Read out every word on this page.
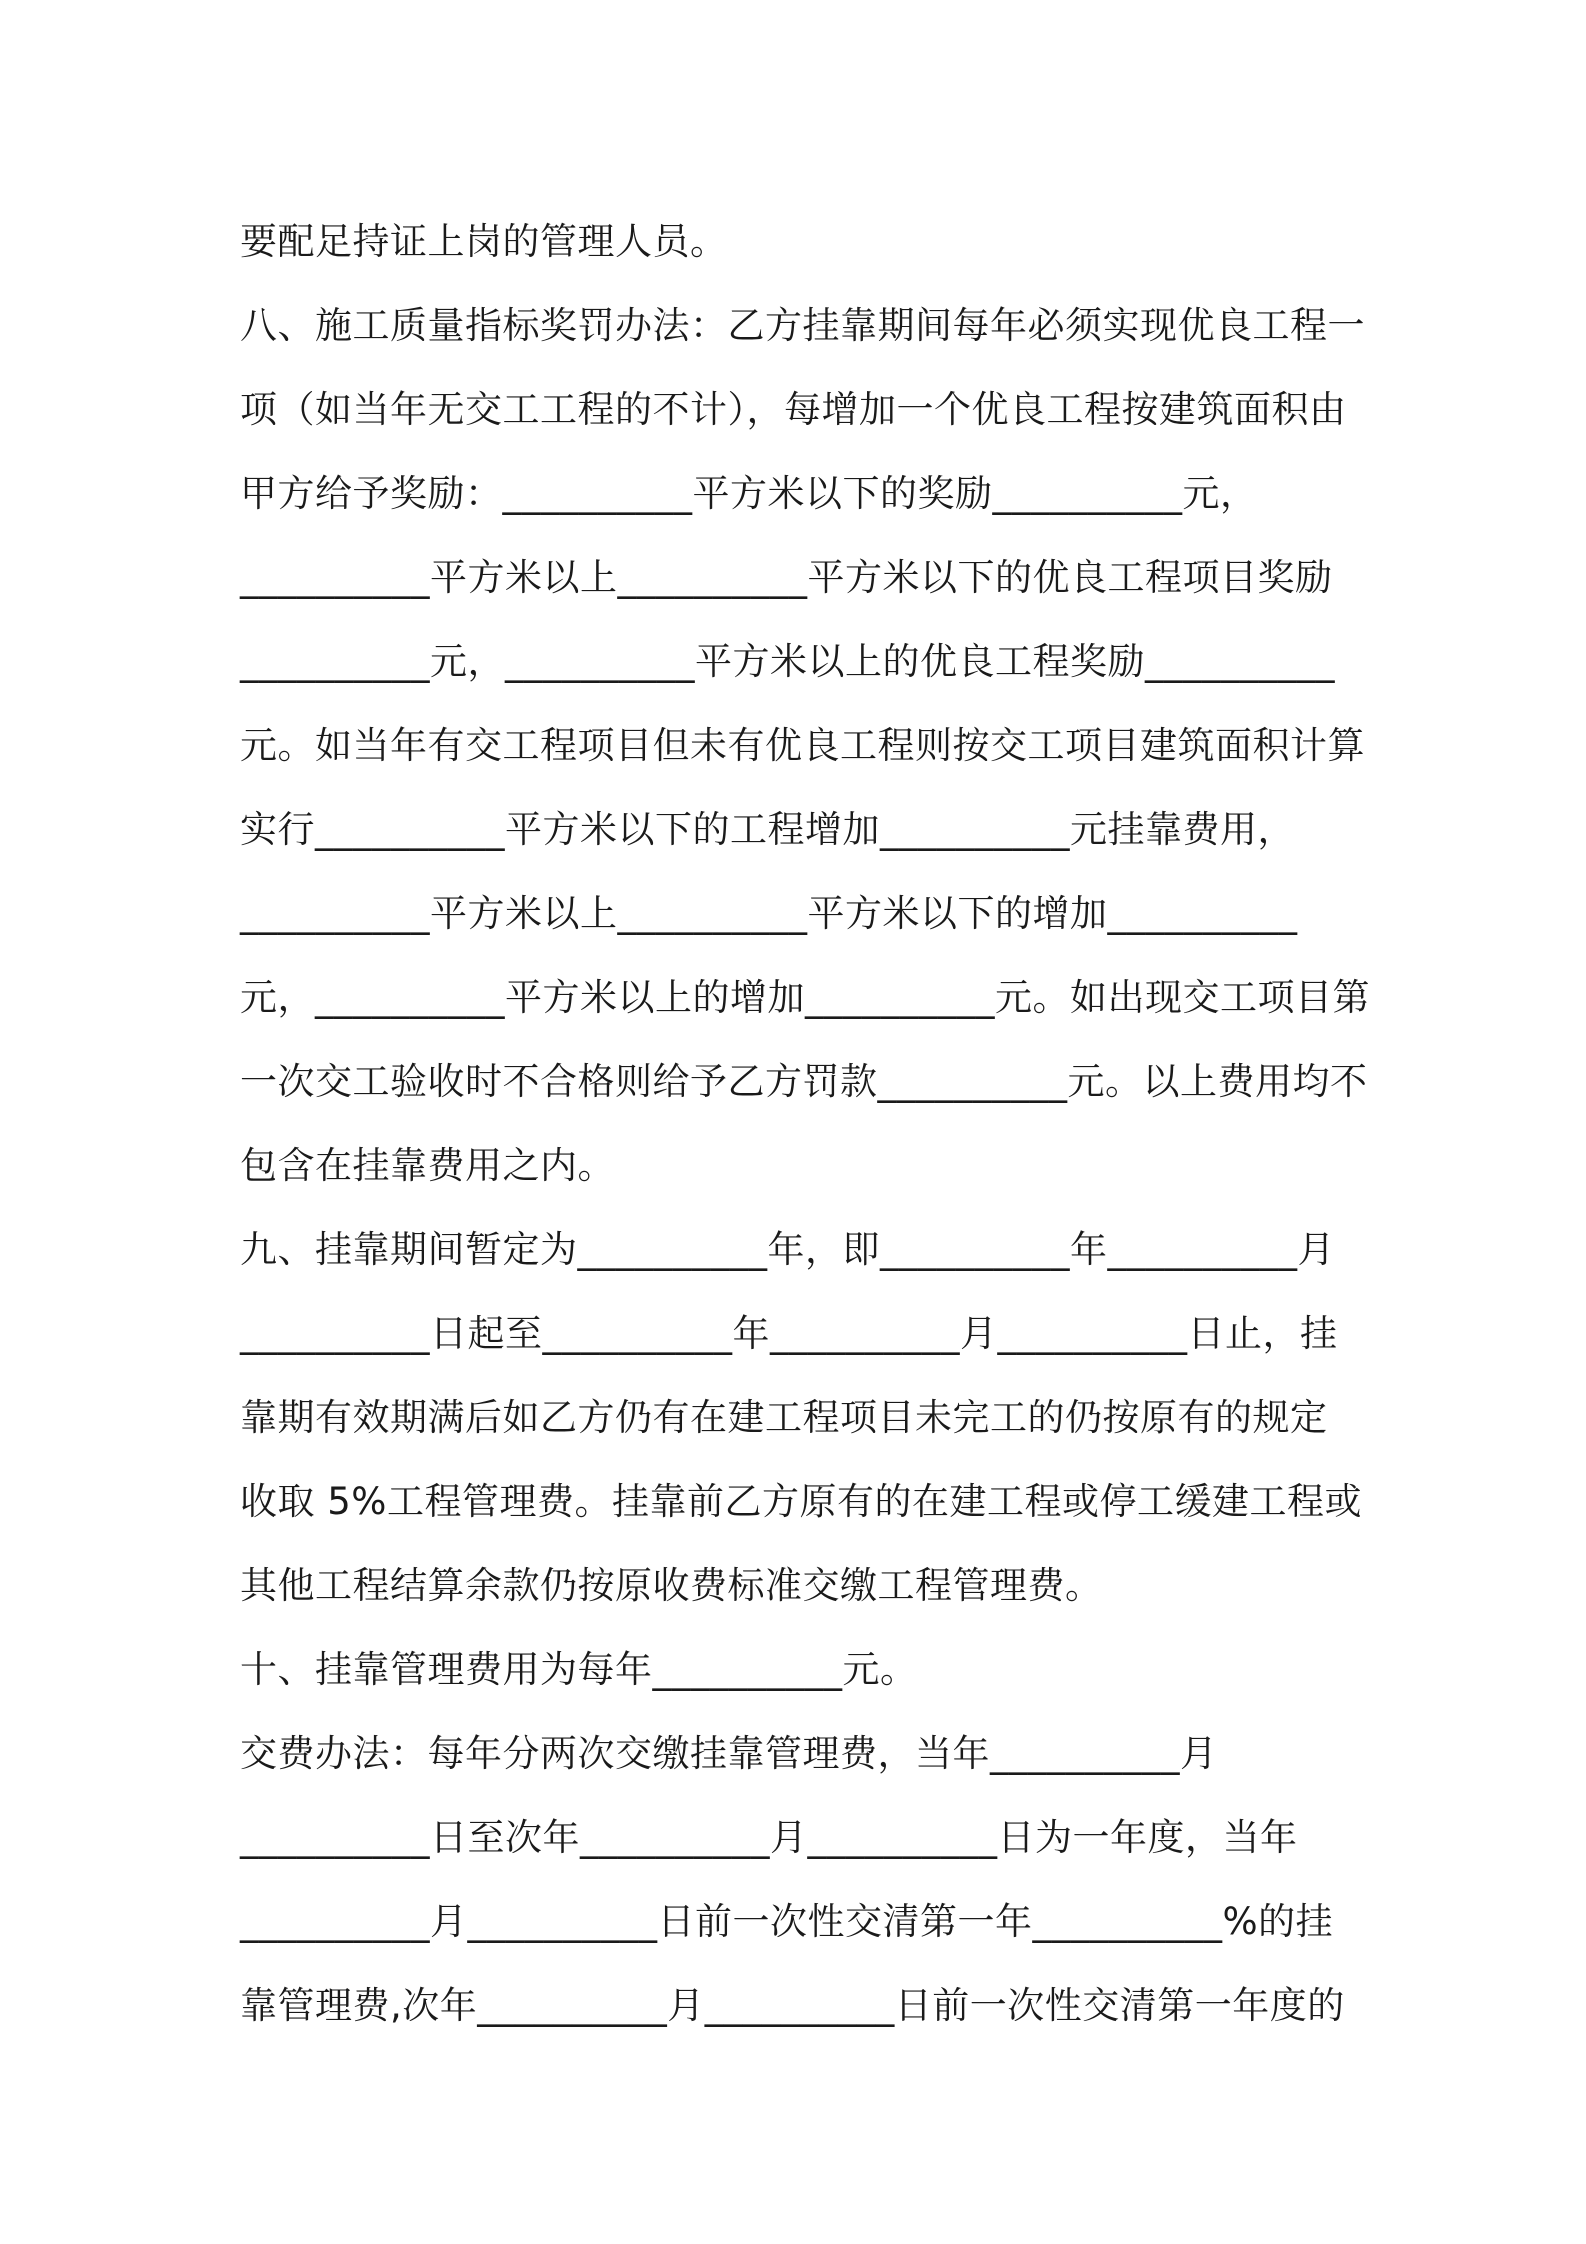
要配足持证上岗的管理人员。
八、施工质量指标奖罚办法：乙方挂靠期间每年必须实现优良工程一
项（如当年无交工工程的不计），每增加一个优良工程按建筑面积由
甲方给予奖励：__________平方米以下的奖励__________元，
__________平方米以上__________平方米以下的优良工程项目奖励
__________元，__________平方米以上的优良工程奖励__________
元。如当年有交工程项目但未有优良工程则按交工项目建筑面积计算
实行__________平方米以下的工程增加__________元挂靠费用，
__________平方米以上__________平方米以下的增加__________
元，__________平方米以上的增加__________元。如出现交工项目第
一次交工验收时不合格则给予乙方罚款__________元。以上费用均不
包含在挂靠费用之内。
九、挂靠期间暂定为__________年，即__________年__________月
__________日起至__________年__________月__________日止，挂
靠期有效期满后如乙方仍有在建工程项目未完工的仍按原有的规定
收取 5%工程管理费。挂靠前乙方原有的在建工程或停工缓建工程或
其他工程结算余款仍按原收费标准交缴工程管理费。
十、挂靠管理费用为每年__________元。
交费办法：每年分两次交缴挂靠管理费，当年__________月
__________日至次年__________月__________日为一年度，当年
__________月__________日前一次性交清第一年__________%的挂
靠管理费,次年__________月__________日前一次性交清第一年度的
